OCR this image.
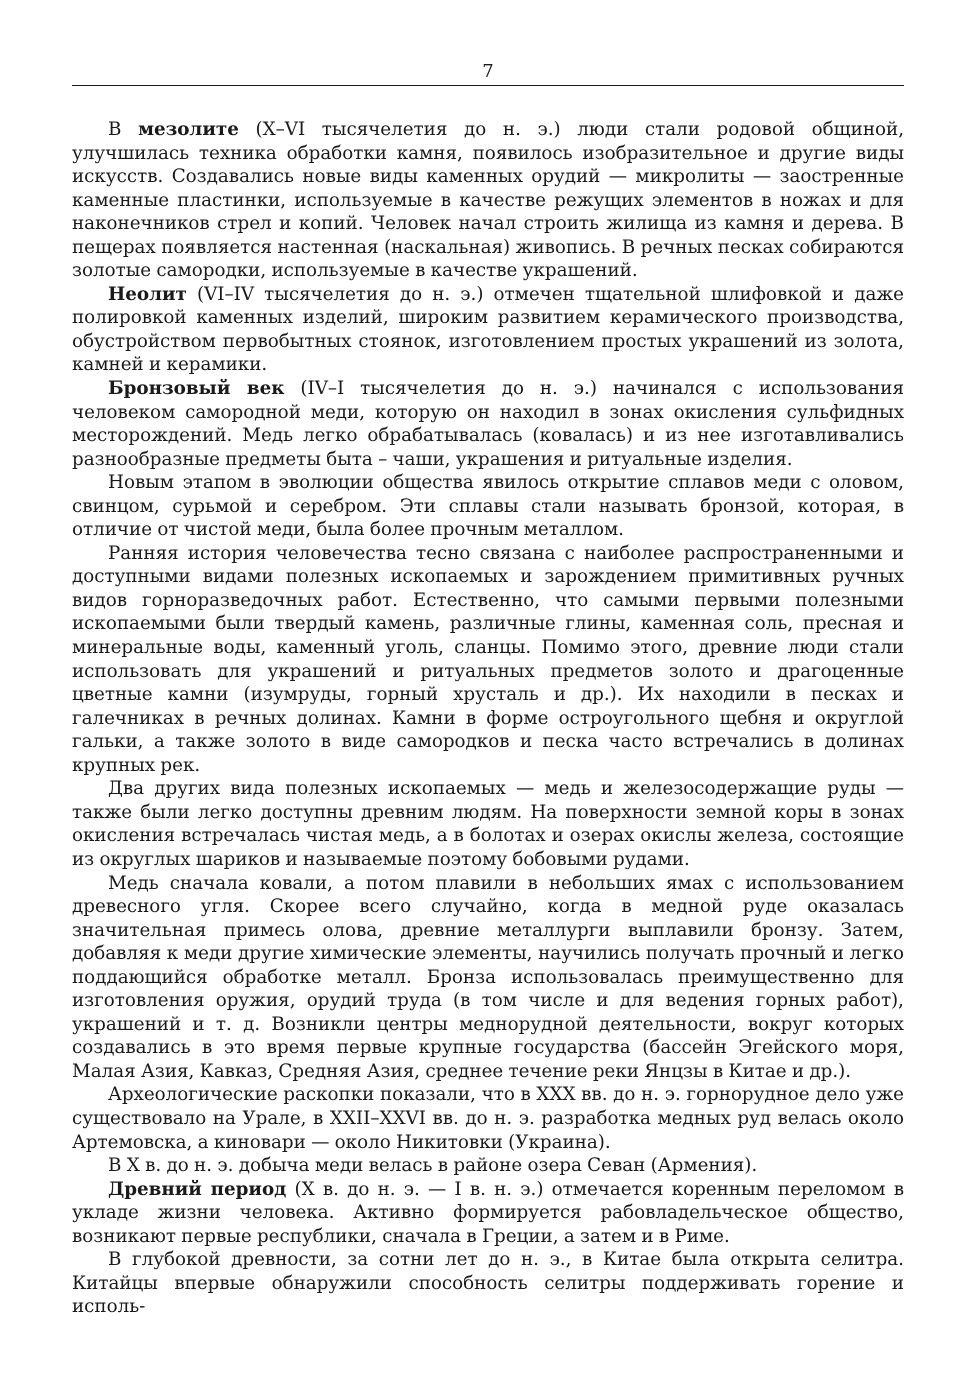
7

В мезолите (X–VI тысячелетия до н. э.) люди стали родовой общиной, улучшилась техника обработки камня, появилось изобразительное и другие виды искусств. Создавались новые виды каменных орудий — микролиты — заостренные каменные пластинки, используемые в качестве режущих элементов в ножах и для наконечников стрел и копий. Человек начал строить жилища из камня и дерева. В пещерах появляется настенная (наскальная) живопись. В речных песках собираются золотые самородки, используемые в качестве украшений.

Неолит (VI–IV тысячелетия до н. э.) отмечен тщательной шлифовкой и даже полировкой каменных изделий, широким развитием керамического производства, обустройством первобытных стоянок, изготовлением простых украшений из золота, камней и керамики.

Бронзовый век (IV–I тысячелетия до н. э.) начинался с использования человеком самородной меди, которую он находил в зонах окисления сульфидных месторождений. Медь легко обрабатывалась (ковалась) и из нее изготавливались разнообразные предметы быта – чаши, украшения и ритуальные изделия.

Новым этапом в эволюции общества явилось открытие сплавов меди с оловом, свинцом, сурьмой и серебром. Эти сплавы стали называть бронзой, которая, в отличие от чистой меди, была более прочным металлом.

Ранняя история человечества тесно связана с наиболее распространенными и доступными видами полезных ископаемых и зарождением примитивных ручных видов горноразведочных работ. Естественно, что самыми первыми полезными ископаемыми были твердый камень, различные глины, каменная соль, пресная и минеральные воды, каменный уголь, сланцы. Помимо этого, древние люди стали использовать для украшений и ритуальных предметов золото и драгоценные цветные камни (изумруды, горный хрусталь и др.). Их находили в песках и галечниках в речных долинах. Камни в форме остроугольного щебня и округлой гальки, а также золото в виде самородков и песка часто встречались в долинах крупных рек.

Два других вида полезных ископаемых — медь и железосодержащие руды — также были легко доступны древним людям. На поверхности земной коры в зонах окисления встречалась чистая медь, а в болотах и озерах окислы железа, состоящие из округлых шариков и называемые поэтому бобовыми рудами.

Медь сначала ковали, а потом плавили в небольших ямах с использованием древесного угля. Скорее всего случайно, когда в медной руде оказалась значительная примесь олова, древние металлурги выплавили бронзу. Затем, добавляя к меди другие химические элементы, научились получать прочный и легко поддающийся обработке металл. Бронза использовалась преимущественно для изготовления оружия, орудий труда (в том числе и для ведения горных работ), украшений и т. д. Возникли центры меднорудной деятельности, вокруг которых создавались в это время первые крупные государства (бассейн Эгейского моря, Малая Азия, Кавказ, Средняя Азия, среднее течение реки Янцзы в Китае и др.).

Археологические раскопки показали, что в XXX вв. до н. э. горнорудное дело уже существовало на Урале, в XXII–XXVI вв. до н. э. разработка медных руд велась около Артемовска, а киновари — около Никитовки (Украина).

В X в. до н. э. добыча меди велась в районе озера Севан (Армения).

Древний период (X в. до н. э. — I в. н. э.) отмечается коренным переломом в укладе жизни человека. Активно формируется рабовладельческое общество, возникают первые республики, сначала в Греции, а затем и в Риме.

В глубокой древности, за сотни лет до н. э., в Китае была открыта селитра. Китайцы впервые обнаружили способность селитры поддерживать горение и исполь-
